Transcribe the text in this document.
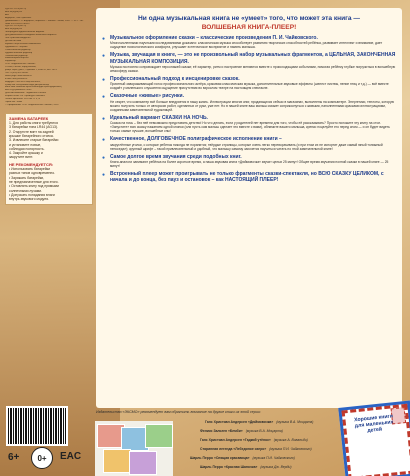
УДК 821.113.4(087.5)
ББК 84(4Дан)-44
А65
Андерсен, Ганс Христиан.
Дюймовочка / Г.Х. Андерсен ; пересказ — Москва : Эксмо, 2020. — 32 с. : ил.
ISBN 978-5-04-107854-5
УДК 821.113.4(087.5)
ББК 84(4Дан)-44
Литературно-художественное издание
Для дошкольного и младшего школьного возраста
Ганс Христиан Андерсен
ДЮЙМОВОЧКА
Музыка Петра Ильича Чайковского
Художник Ю. Петрова
Ответственный редактор
Художественный редактор
Технический редактор
Компьютерная верстка
Корректор
ООО «Издательство «Эксмо»
123308, Россия, город Москва,
улица Зорге, дом 1, строение 1, этаж 20, каб. 2013.
Тел.: 8 (495) 411-68-86.
Home page: www.eksmo.ru
E-mail: info@eksmo.ru
Өндіруші: «ЭКСМО» АҚБ Баспасы,
Қазақстан Республикасында дистрибьютор
және енім бойынша арыз-талаптарды қабылдаушының
өкілі «РДЦ-Алматы» ЖШС
Дата изготовления / Подписано в печать
Формат 60x84 1/8. Гарнитура «Newton»
Печать офсетная. Усл. печ. л. 3,73
Тираж экз. Заказ
© Оформление. ООО «Издательство «Эксмо», 2020
ЗАМЕНА БАТАРЕЕК
1. Для работы книги требуются
3 батарейки типа LR44 (AG13).
2. Открутите винт на задней
крышке батарейного отсека.
3. Извлеките старые батарейки
и установите новые,
соблюдая полярность.
4. Закройте крышку и
закрутите винт.
НЕ РЕКОМЕНДУЕТСЯ:
• Использовать батарейки
разных типов одновременно.
• Заряжать батарейки,
не предназначенные для этого.
• Оставлять книгу под прямыми
солнечными лучами.
• Допускать попадания влаги
внутрь звукового модуля.
6+	0+	EAC
Ни одна музыкальная книга не «умеет» того, что может эта книга —
ВОЛШЕБНАЯ КНИГА-ПЛЕЕР!
● Музыкальное оформление сказки – классические произведения П. И. Чайковского.
Многочисленными научными исследованиями доказано: классическая музыка способствует развитию творческих способностей ребёнка, развивает интеллект и внимание, дает ощущение психологического комфорта, улучшает эстетическое восприятие и память малыша.
● Музыка, звучащая в книге, — это не произвольный набор музыкальных фрагментов, а ЦЕЛЬНАЯ, ЗАКОНЧЕННАЯ МУЗЫКАЛЬНАЯ КОМПОЗИЦИЯ.
Музыка постоянно сопровождает персонажей сказки; её характер, ритм и настроение меняются вместе с происходящими событиями, помогая ребёнку глубже погрузиться в волшебную атмосферу сказки.
● Профессиональный подход к инсценировке сказок.
Приятный завораживающий голос профессионального актёра, красивая классическая музыка, дополнительные звуковые эффекты (шелест листвы, пение птиц и т.д.) — всё вместе создаёт у маленького слушателя ощущение присутствия во взрослом театре на настоящем спектакле.
● Сказочные «живые» рисунки.
Не секрет, что компьютер всё больше внедряется в нашу жизнь. Иллюстрации многих книг, продающихся сейчас в магазинах, выполнены на компьютере. Энергетики, теплоты, которую можно получить только от авторских работ, сделанных от руки, уже нет. Но в нашей книге ваш малыш сможет соприкоснуться с живыми, наполненными красками иллюстрациями, созданными замечательной художницей.
● Идеальный вариант СКАЗКИ НА НОЧЬ.
Сказка на ночь – без неё невозможно представить детство! Но что делать, если у родителей нет времени для того, чтобы её рассказывать? Просто положите эту книгу на стол. «Запустите» всю сказку нажатием одной кнопки (или пусть сам малыш сделает это вместе с вами), обнимите вашего малыша, крепко поцелуйте его перед сном — и он будет видеть только самые лучшие, волшебные сны!
● Качественное, ДОЛГОВЕЧНОЕ полиграфическое исполнение книги –
закруглённые уголки, о которые ребенок никогда не поранится; твёрдые страницы, которые очень легко переворачивать (и при этом их не испортит даже самый юный «книжный непоседа»); крупный шрифт – такой привлекательный и удобный, что малышу самому захочется научиться читать по этой замечательной книге!
● Самое долгое время звучания среди подобных книг.
Книги-аналоги занимают ребёнка на более короткое время, а наша звуковая книга «Дюймовочка» звучит целых 25 минут! Общее время звучания полной сказки в нашей книге — 25 минут!
● Встроенный плеер может проигрывать не только фрагменты сказки-спектакля, но ВСЮ СКАЗКУ ЦЕЛИКОМ, с начала и до конца, без пауз и остановок – как НАСТОЯЩИЙ ПЛЕЕР!
Издательство «ЭКСМО» рекомендует вам обратить внимание на другие книги из этой серии:
Ганс Христиан Андерсен «Дюймовочка» (музыка В.А. Моцарта)
Феликс Зальтен «Бемби» (музыка В.А. Моцарта)
Ганс Христиан Андерсен «Гадкий утёнок» (музыка А. Вивальди)
Старинная легенда «Лебединое озеро» (музыка П.И. Чайковского)
Шарль Перро «Спящая красавица» (музыка П.И. Чайковского)
Шарль Перро «Красная Шапочка» (музыка Дж. Верди)
Хорошие книги для маленьких детей
